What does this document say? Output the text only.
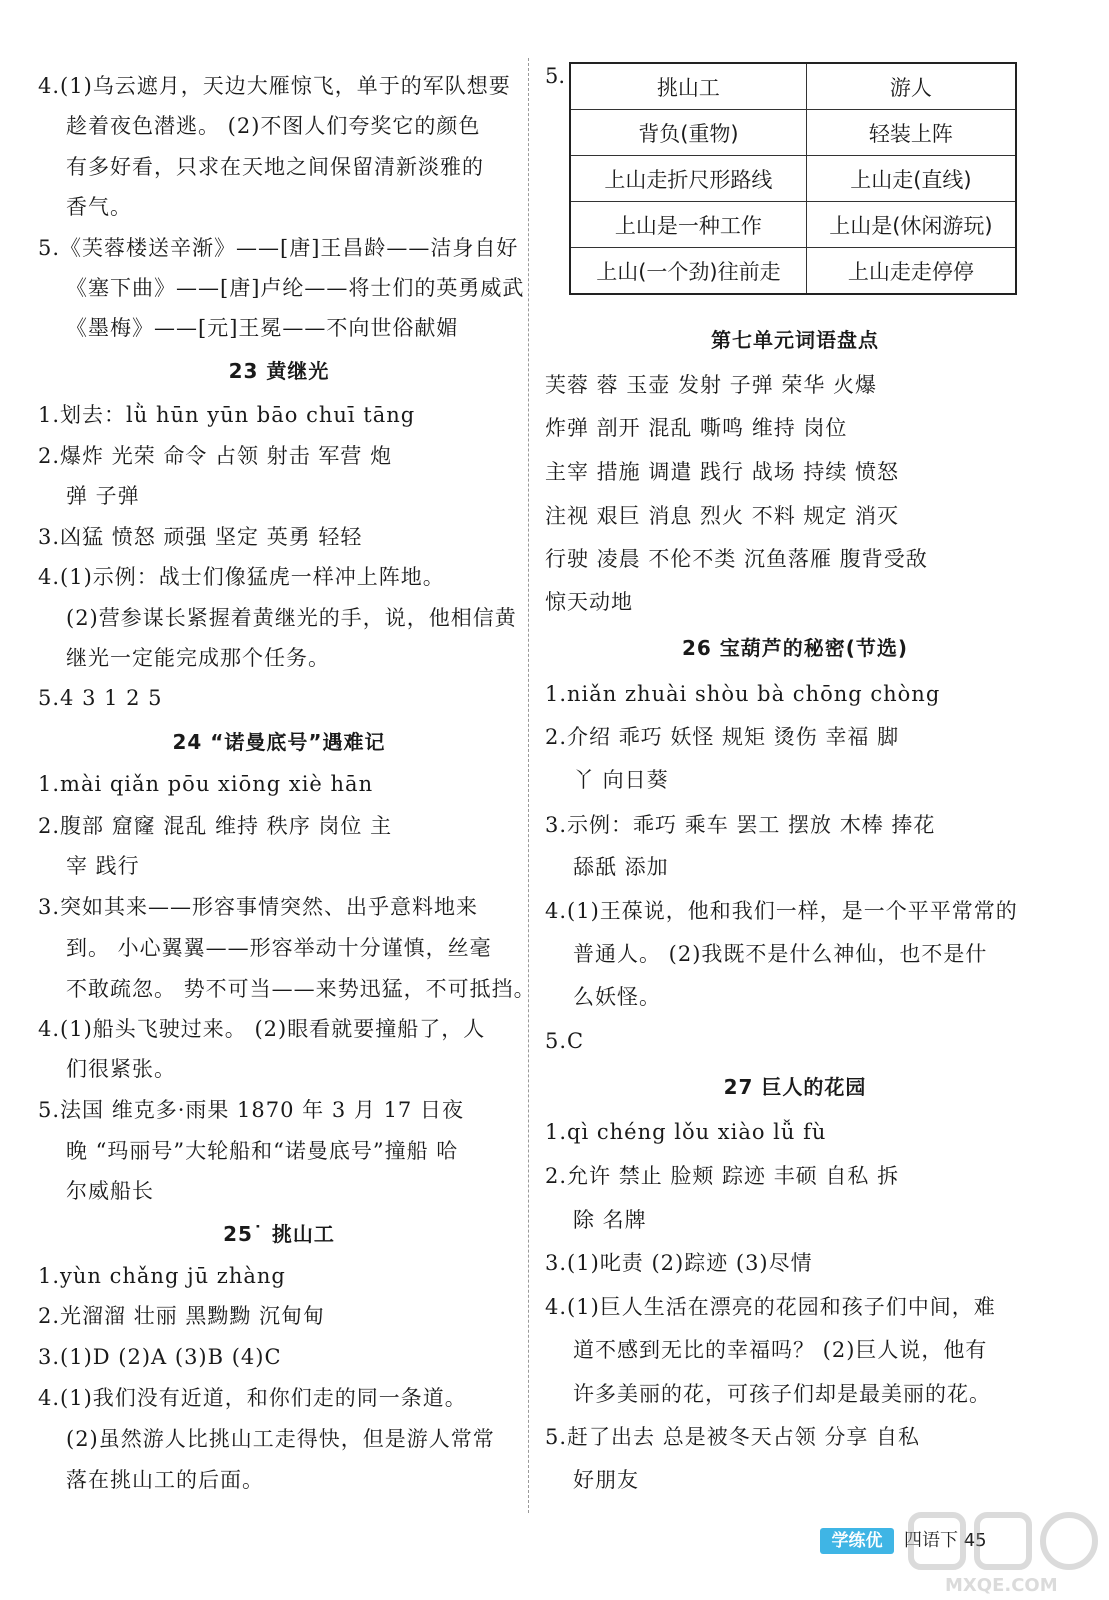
4.(1)乌云遮月，天边大雁惊飞，单于的军队想要
趁着夜色潜逃。 (2)不图人们夸奖它的颜色
有多好看，只求在天地之间保留清新淡雅的
香气。
5.《芙蓉楼送辛渐》——[唐]王昌龄——洁身自好
《塞下曲》——[唐]卢纶——将士们的英勇威武
《墨梅》——[元]王冕——不向世俗献媚
23 黄继光
1.划去：lǜ hūn yūn bāo chuī tāng
2.爆炸 光荣 命令 占领 射击 军营 炮
弹 子弹
3.凶猛 愤怒 顽强 坚定 英勇 轻轻
4.(1)示例：战士们像猛虎一样冲上阵地。
(2)营参谋长紧握着黄继光的手，说，他相信黄
继光一定能完成那个任务。
5.4 3 1 2 5
24 “诺曼底号”遇难记
1.mài qiǎn pōu xiōng xiè hān
2.腹部 窟窿 混乱 维持 秩序 岗位 主
宰 践行
3.突如其来——形容事情突然、出乎意料地来
到。 小心翼翼——形容举动十分谨慎，丝毫
不敢疏忽。 势不可当——来势迅猛，不可抵挡。
4.(1)船头飞驶过来。 (2)眼看就要撞船了，人
们很紧张。
5.法国 维克多·雨果 1870 年 3 月 17 日夜
晚 “玛丽号”大轮船和“诺曼底号”撞船 哈
尔威船长
25˙ 挑山工
1.yùn chǎng jū zhàng
2.光溜溜 壮丽 黑黝黝 沉甸甸
3.(1)D (2)A (3)B (4)C
4.(1)我们没有近道，和你们走的同一条道。
(2)虽然游人比挑山工走得快，但是游人常常
落在挑山工的后面。
5.	挑山工	游人
背负(重物)	轻装上阵
上山走折尺形路线	上山走(直线)
上山是一种工作	上山是(休闲游玩)
上山(一个劲)往前走	上山走走停停
第七单元词语盘点
芙蓉 蓉 玉壶 发射 子弹 荣华 火爆
炸弹 剖开 混乱 嘶鸣 维持 岗位
主宰 措施 调遣 践行 战场 持续 愤怒
注视 艰巨 消息 烈火 不料 规定 消灭
行驶 凌晨 不伦不类 沉鱼落雁 腹背受敌
惊天动地
26 宝葫芦的秘密(节选)
1.niǎn zhuài shòu bà chōng chòng
2.介绍 乖巧 妖怪 规矩 烫伤 幸福 脚
丫 向日葵
3.示例：乖巧 乘车 罢工 摆放 木棒 捧花
舔舐 添加
4.(1)王葆说，他和我们一样，是一个平平常常的
普通人。 (2)我既不是什么神仙，也不是什
么妖怪。
5.C
27 巨人的花园
1.qì chéng lǒu xiào lǚ fù
2.允许 禁止 脸颊 踪迹 丰硕 自私 拆
除 名牌
3.(1)叱责 (2)踪迹 (3)尽情
4.(1)巨人生活在漂亮的花园和孩子们中间，难
道不感到无比的幸福吗？ (2)巨人说，他有
许多美丽的花，可孩子们却是最美丽的花。
5.赶了出去 总是被冬天占领 分享 自私
好朋友
学练优	四语下 45
MXQE.COM
